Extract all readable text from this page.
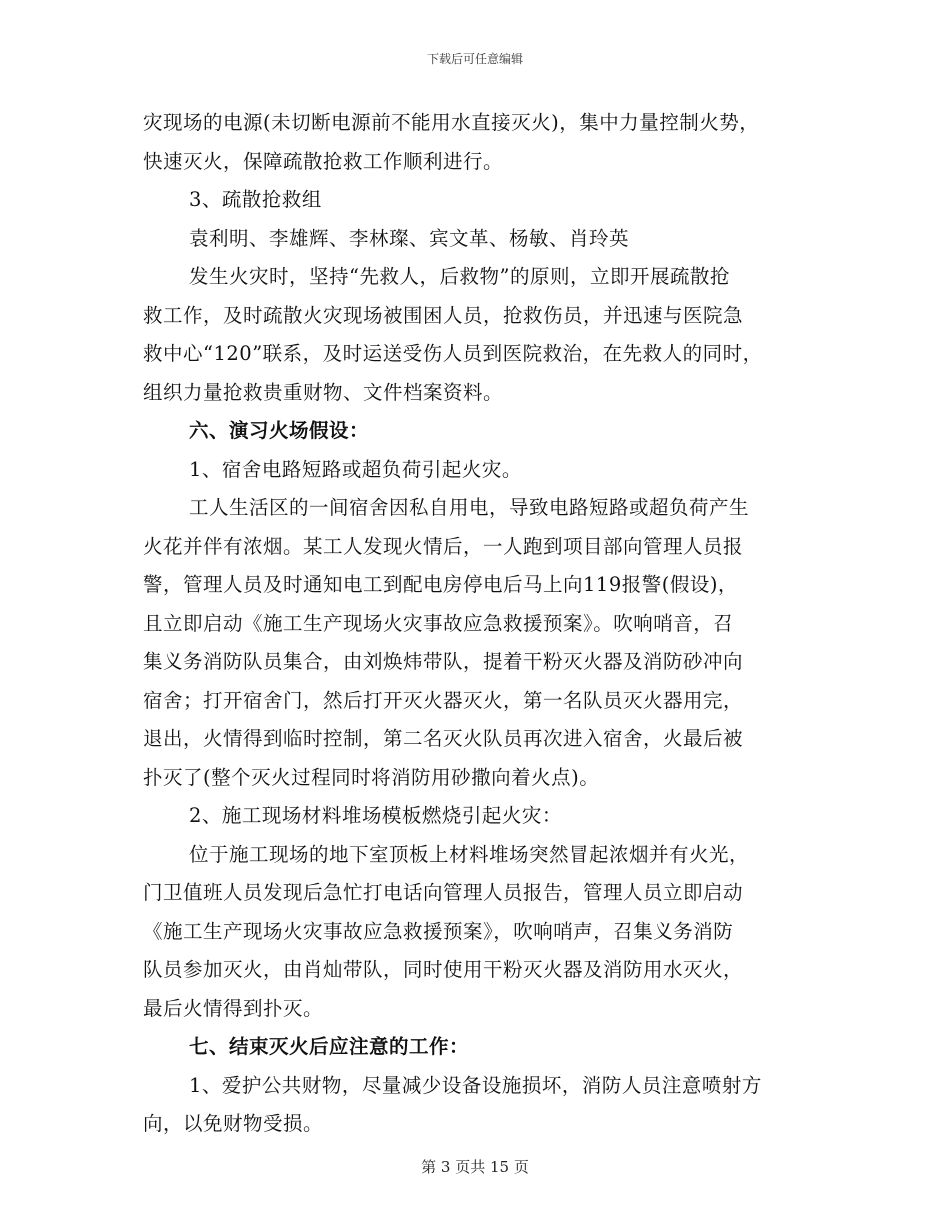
下载后可任意编辑
灾现场的电源(未切断电源前不能用水直接灭火)，集中力量控制火势，
快速灭火，保障疏散抢救工作顺利进行。
3、疏散抢救组
袁利明、李雄辉、李林璨、宾文革、杨敏、肖玲英
发生火灾时，坚持“先救人，后救物”的原则，立即开展疏散抢
救工作，及时疏散火灾现场被围困人员，抢救伤员，并迅速与医院急
救中心“120”联系，及时运送受伤人员到医院救治，在先救人的同时，
组织力量抢救贵重财物、文件档案资料。
六、演习火场假设：
1、宿舍电路短路或超负荷引起火灾。
工人生活区的一间宿舍因私自用电，导致电路短路或超负荷产生
火花并伴有浓烟。某工人发现火情后，一人跑到项目部向管理人员报
警，管理人员及时通知电工到配电房停电后马上向119报警(假设)，
且立即启动《施工生产现场火灾事故应急救援预案》。吹响哨音，召
集义务消防队员集合，由刘焕炜带队，提着干粉灭火器及消防砂冲向
宿舍；打开宿舍门，然后打开灭火器灭火，第一名队员灭火器用完，
退出，火情得到临时控制，第二名灭火队员再次进入宿舍，火最后被
扑灭了(整个灭火过程同时将消防用砂撒向着火点)。
2、施工现场材料堆场模板燃烧引起火灾：
位于施工现场的地下室顶板上材料堆场突然冒起浓烟并有火光，
门卫值班人员发现后急忙打电话向管理人员报告，管理人员立即启动
《施工生产现场火灾事故应急救援预案》，吹响哨声，召集义务消防
队员参加灭火，由肖灿带队，同时使用干粉灭火器及消防用水灭火，
最后火情得到扑灭。
七、结束灭火后应注意的工作：
1、爱护公共财物，尽量减少设备设施损坏，消防人员注意喷射方
向，以免财物受损。
第 3 页共 15 页
